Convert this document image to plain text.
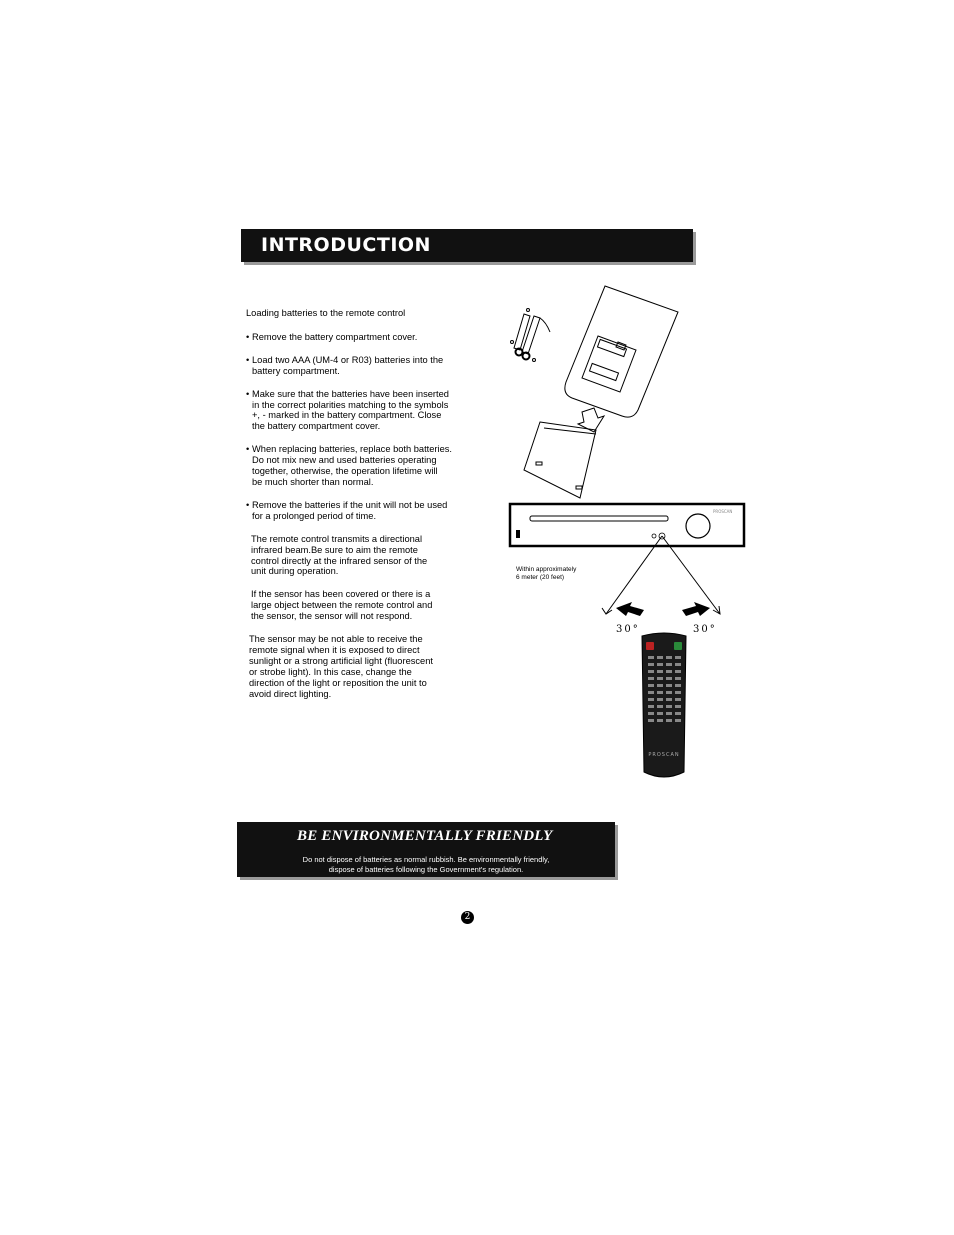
INTRODUCTION

Loading batteries to the remote control

• Remove the battery compartment cover.

• Load two AAA (UM-4 or R03) batteries into the
battery compartment.

• Make sure that the batteries have been inserted
in the correct polarities matching to the symbols
+, - marked in the battery compartment. Close
the battery compartment cover.

• When replacing batteries, replace both batteries.
Do not mix new and used batteries operating
together, otherwise, the operation lifetime will
be much shorter than normal.

• Remove the batteries if the unit will not be used
for a prolonged period of time.

The remote control transmits a directional
infrared beam.Be sure to aim the remote
control directly at the infrared sensor of the
unit during operation.

If the sensor has been covered or there is a
large object between the remote control and
the sensor, the sensor will not respond.

The sensor may be not able to receive the
remote signal when it is exposed to direct
sunlight or a strong artificial light (fluorescent
or strobe light). In this case, change the
direction of the light or reposition the unit to
avoid direct lighting.

PROSCAN
Within approximately
6 meter (20 feet)
30°	30°
PROSCAN
BE ENVIRONMENTALLY FRIENDLY
Do not dispose of batteries as normal rubbish. Be environmentally friendly,
dispose of batteries following the Government's regulation.
2
